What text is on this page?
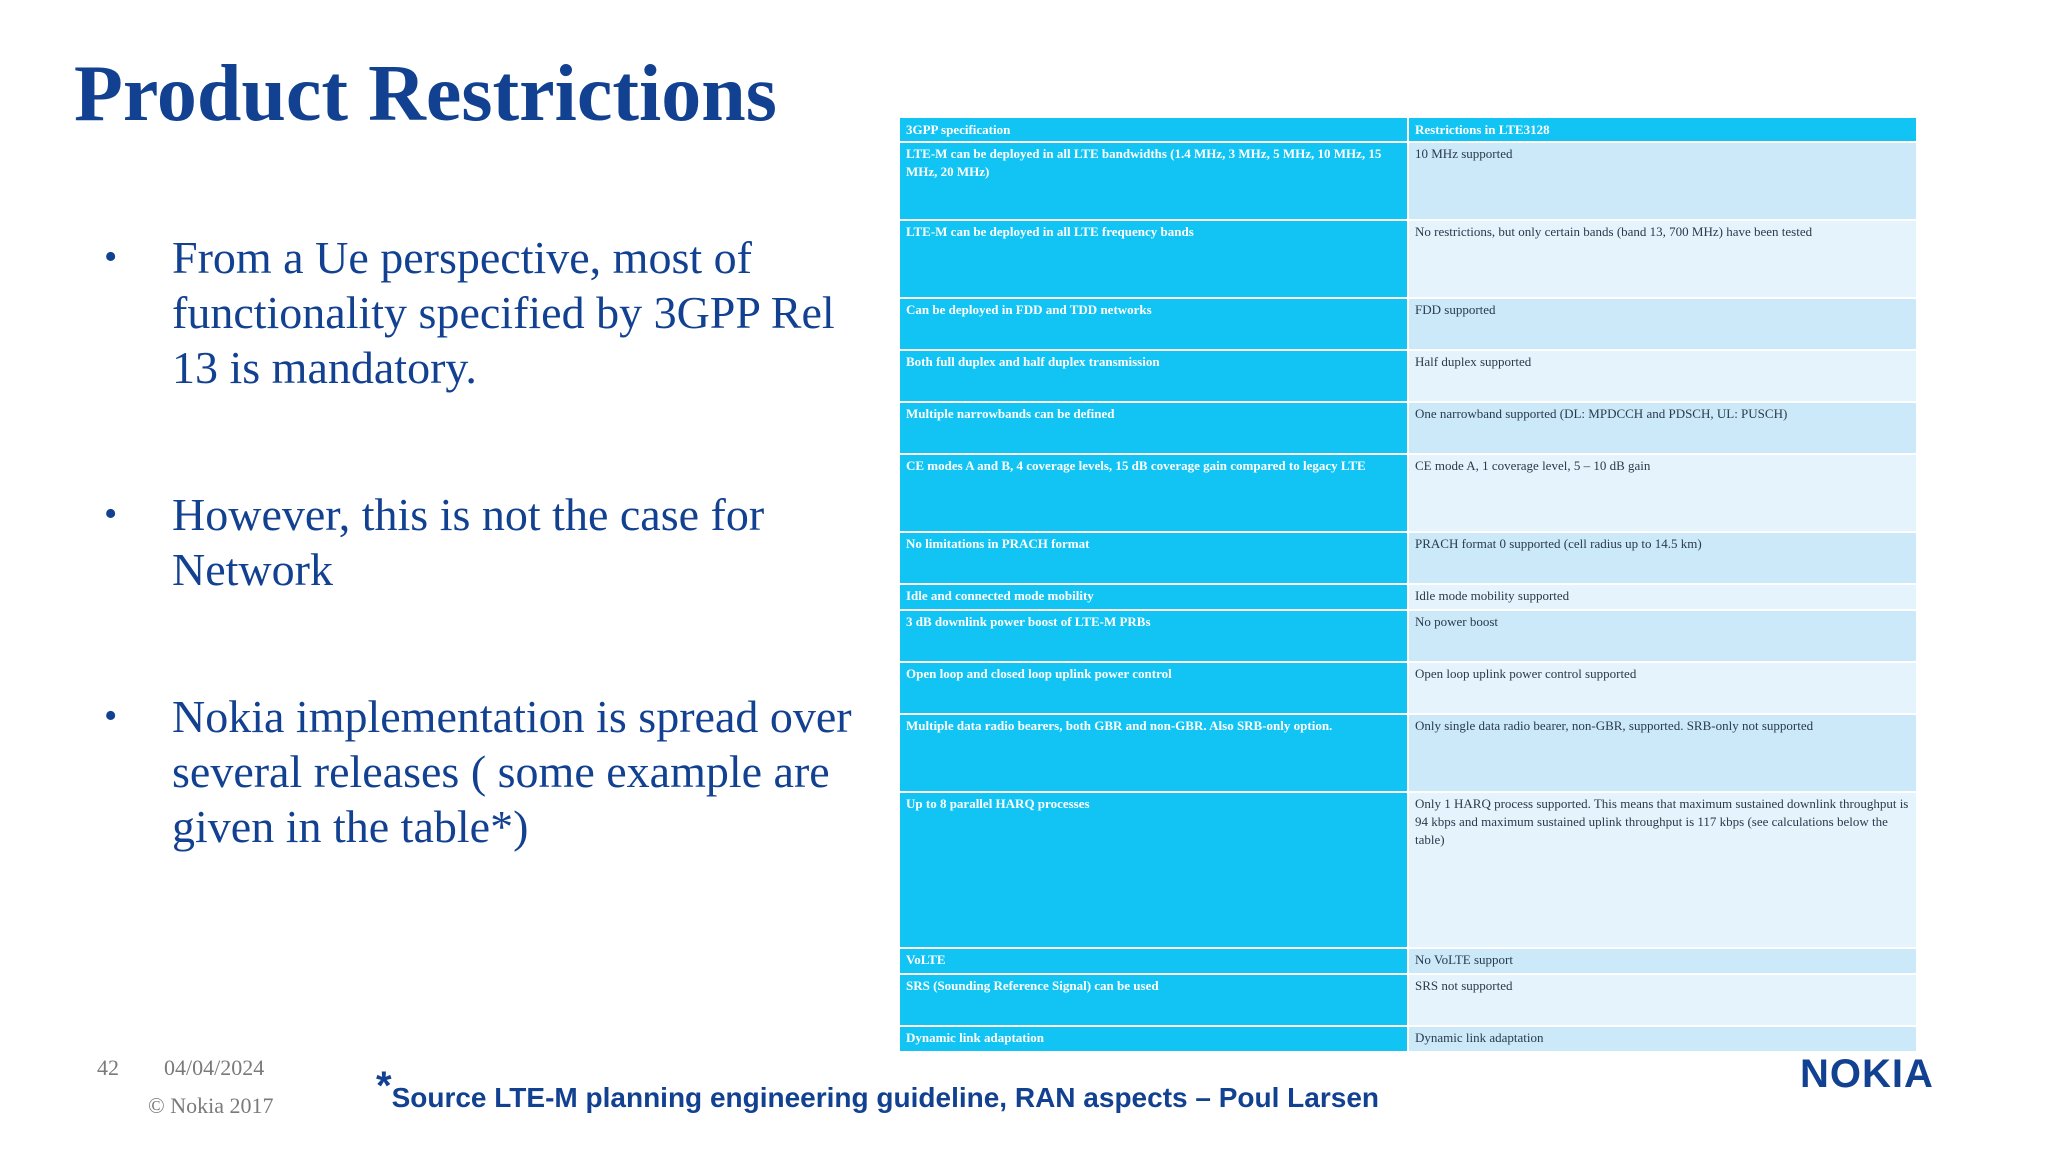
Product Restrictions
• From a Ue perspective, most of functionality specified by 3GPP Rel 13 is mandatory.
• However, this is not the case for Network
• Nokia implementation is spread over several releases ( some example are given in the table*)
3GPP specification	Restrictions in LTE3128
LTE-M can be deployed in all LTE bandwidths (1.4 MHz, 3 MHz, 5 MHz, 10 MHz, 15 MHz, 20 MHz)	10 MHz supported
LTE-M can be deployed in all LTE frequency bands	No restrictions, but only certain bands (band 13, 700 MHz) have been tested
Can be deployed in FDD and TDD networks	FDD supported
Both full duplex and half duplex transmission	Half duplex supported
Multiple narrowbands can be defined	One narrowband supported (DL: MPDCCH and PDSCH, UL: PUSCH)
CE modes A and B, 4 coverage levels, 15 dB coverage gain compared to legacy LTE	CE mode A, 1 coverage level, 5 – 10 dB gain
No limitations in PRACH format	PRACH format 0 supported (cell radius up to 14.5 km)
Idle and connected mode mobility	Idle mode mobility supported
3 dB downlink power boost of LTE-M PRBs	No power boost
Open loop and closed loop uplink power control	Open loop uplink power control supported
Multiple data radio bearers, both GBR and non-GBR. Also SRB-only option.	Only single data radio bearer, non-GBR, supported. SRB-only not supported
Up to 8 parallel HARQ processes	Only 1 HARQ process supported. This means that maximum sustained downlink throughput is 94 kbps and maximum sustained uplink throughput is 117 kbps (see calculations below the table)
VoLTE	No VoLTE support
SRS (Sounding Reference Signal) can be used	SRS not supported
Dynamic link adaptation	Dynamic link adaptation
42 04/04/2024
© Nokia 2017	*Source LTE-M planning engineering guideline, RAN aspects – Poul Larsen
NOKIA
